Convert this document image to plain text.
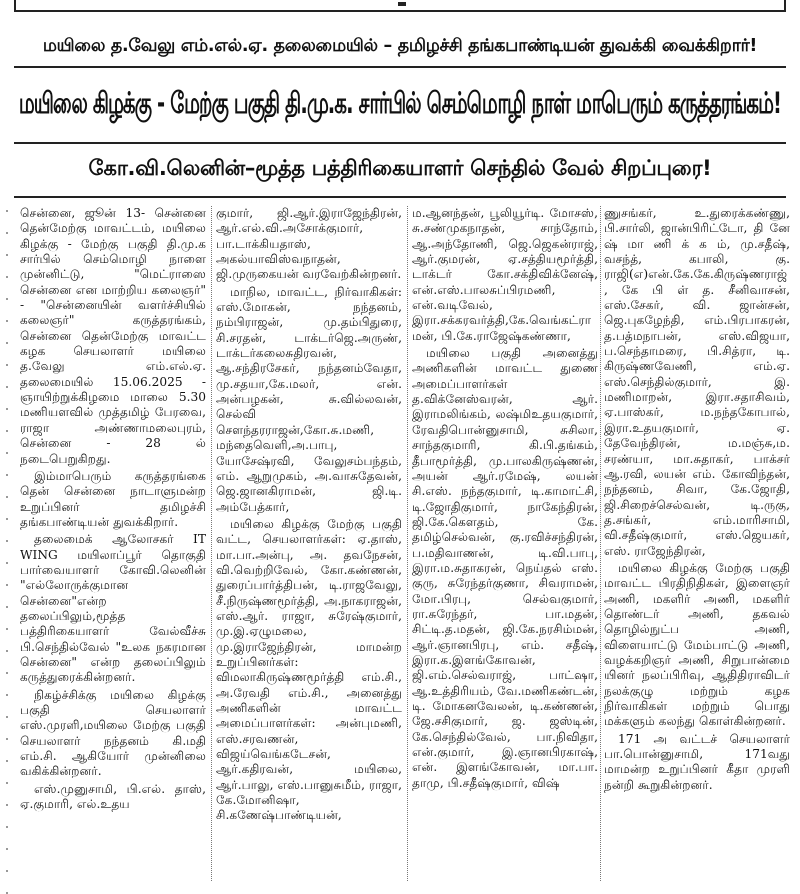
மயிலை த.வேலு எம்.எல்.ஏ. தலைமையில் – தமிழச்சி தங்கபாண்டியன் துவக்கி வைக்கிறார்!
மயிலை கிழக்கு - மேற்கு பகுதி தி.மு.க. சார்பில் செம்மொழி நாள் மாபெரும் கருத்தரங்கம்!
கோ.வி.லெனின்–மூத்த பத்திரிகையாளர் செந்தில் வேல் சிறப்புரை!

சென்னை, ஜூன் 13- சென்னை தென்மேற்கு மாவட்டம், மயிலை கிழக்கு - மேற்கு பகுதி தி.மு.க சார்பில் செம்மொழி நாளை முன்னிட்டு, "மெட்ராஸை சென்னை என மாற்றிய கலைஞர்" - "சென்னையின் வளர்ச்சியில் கலைஞர்" கருத்தரங்கம், சென்னை தென்மேற்கு மாவட்ட கழக செயலாளர் மயிலை த.வேலு எம்.எல்.ஏ. தலைமையில் 15.06.2025 - ஞாயிற்றுக்கிழமை மாலை 5.30 மணியளவில் முத்தமிழ் பேரவை, ராஜா அண்ணாமலைபுரம், சென்னை - 28 ல் நடைபெறுகிறது.

இம்மாபெரும் கருத்தரங்கை தென் சென்னை நாடாளுமன்ற உறுப்பினர் தமிழச்சி தங்கபாண்டியன் துவக்கிறார்.

தலைமைக் ஆலோசகர் IT WING மயிலாப்பூர் தொகுதி பார்வையாளர் கோவி.லெனின் "எல்லோருக்குமான சென்னை"என்ற தலைப்பிலும்,மூத்த பத்திரிகையாளர் வேல்வீச்சு பி.செந்தில்வேல் "உலக நகரமான சென்னை" என்ற தலைப்பிலும் கருத்துரைக்கின்றனர்.

நிகழ்ச்சிக்கு மயிலை கிழக்கு பகுதி செயலாளர் எஸ்.முரளி,மயிலை மேற்கு பகுதி செயலாளர் நந்தனம் கி.மதி எம்.சி. ஆகியோர் முன்னிலை வகிக்கின்றனர்.

எஸ்.முனுசாமி, பி.எல். தாஸ், ஏ.குமாரி, எல்.உதய

குமார், ஜி.ஆர்.இராஜேந்திரன், ஆர்.எல்.வி.அசோக்குமார், பா.டாக்கியதாஸ், அகல்யாவிஸ்வநாதன், ஜி.முருகையன் வரவேற்கின்றனர்.

மாநில, மாவட்ட, நிர்வாகிகள்: எஸ்.மோகன், நந்தனம், நம்பிராஜன், மு.தம்பிதுரை, சி.சரதன், டாக்டர்ஜெ.அருண், டாக்டர்கலைசுதிரவன், ஆ.சந்திரசேகர், நந்தனம்வேதா, மு.சதயா,கே.மலர், என். அன்பழகன், சு.வில்லவன், செல்வி செளந்தரராஜன்,கோ.சு.மணி, மந்தைவெளி,அ.பாபு, யோசேஷ்ரவி, வேலுசம்பந்தம், எம். ஆறுமுகம், அ.வாசுதேவன், ஜெ.ஜானகிராமன், ஜி.டி. அம்பேத்கார்,

மயிலை கிழக்கு மேற்கு பகுதி வட்ட, செயலாளர்கள்: ஏ.தாஸ், மா.பா.அன்பு, அ. தவநேசன், வி.வெற்றிவேல், கோ.கண்ணன், துரைப்பார்த்திபன், டி.ராஜவேலு, சீ.நிருஷ்ணமூர்த்தி, அ.நாகராஜன், எஸ்.ஆர். ராஜா, சுரேஷ்குமார், மு.இ.ஏழுமலை, மு.இராஜேந்திரன், மாமன்ற உறுப்பினர்கள்: விமலாகிருஷ்ணமூர்த்தி எம்.சி., அ.ரேவதி எம்.சி., அனைத்து அணிகளின் மாவட்ட அமைப்பாளர்கள்: அன்புமணி, எஸ்.சரவணன், விஜய்வெங்கடேசன், ஆர்.கதிரவன், மயிலை, ஆர்.பாலு, எஸ்.பானுசுமீம், ராஜா, கே.மோனிஷா, சி.கணேஷ்பாண்டியன்,

ம.ஆனந்தன், பூலியூர்டி. மோசஸ், சு.சண்முகநாதன், சாந்தோம், ஆ.அந்தோணி, ஜெ.ஜெகன்ராஜ், ஆர்.குமரன், ஏ.சத்தியமூர்த்தி, டாக்டர் கோ.சக்திவிக்னேஷ், என்.எஸ்.பாலசுப்பிரமணி, என்.வடிவேல், இரா.சக்கரவர்த்தி,கே.வெங்கட்ராமன், பி.கே.ராஜேஷ்கண்ணா,

மயிலை பகுதி அனைத்து அணிகளின் மாவட்ட துணை அமைப்பாளர்கள் த.விக்னேஸ்வரன், ஆர். இராமலிங்கம், லஷ்மிஉதயகுமார், ரேவதிபொன்னுசாமி, சுசிலா, சாந்தகுமாரி, கி.பி.தங்கம், தீபாமூர்த்தி, மு.பாலகிருஷ்ணன், அயன் ஆர்.ரமேஷ், லயன் சி.எஸ். நந்தகுமார், டி.காமாட்சி, டி.ஜோதிகுமார், நாகேந்திரன், ஜி.கே.கெளதம், கே. தமிழ்செல்வன், கு.ரவிச்சந்திரன், ப.மதிவாணன், டி.வி.பாபு, இரா.ம.சுதாகரன், நெய்தல் எஸ். குரு, சுரேந்தர்குணா, சிவராமன், மோ.பிரபு, செல்வகுமார், ரா.சுரேந்தர், பா.மதன், சிட்டி.த.மதன், ஜி.கே.நரசிம்மன், ஆர்.ஞானபிரபு, எம். சதீஷ், இரா.க.இளங்கோவன், ஜி.எம்.செல்வராஜ், பாட்ஷா, ஆ.உத்திரியம், வே.மணிகண்டன், டி. மோகனவேலன், டி.கண்ணன், ஜே.சசிகுமார், ஜ. ஜஸ்டின், கே.செந்தில்வேல், பா.நிவிதா, என்.குமார், இ.ஞானபிரகாஷ், என். இளங்கோவன், மா.பா. தாமு, பி.சதீஷ்குமார், விஷ்

ணுசங்கர், உ.துரைக்கண்ணு, பி.சார்லி, ஜான்பிரிட்டோ, தி னே ஷ் மா ணி க் க ம், மு.சதீஷ், வசந்த், கபாலி, கு. ராஜி(எ)என்.கே.கே.கிருஷ்ணராஜ், கே பி ள் த. சீனிவாசன், எஸ்.சேகர், வி. ஜான்சன், ஜெ.புகழேந்தி, எம்.பிரபாகரன், த.பத்மநாபன், எஸ்.விஜயா, ப.செந்தாமரை, பி.சித்ரா, டி. கிருஷ்ணவேணி, எம்.ஏ. எஸ்.செந்தில்குமார், இ. மணிமாறன், இரா.சதாசிவம், ஏ.பாஸ்கர், ம.நந்தகோபால், இரா.உதயகுமார், ஏ. தேவேந்திரன், ம.மஞ்சு,ம. சரண்யா, மா.சுதாகர், பாக்சர் ஆ.ரவி, லயன் எம். கோவிந்தன், நந்தனம், சிவா, கே.ஜோதி, ஜி.சிறைச்செல்வன், டி.ருகு, த.சங்கர், எம்.மாரிசாமி, வி.சதீஷ்குமார், எஸ்.ஜெயகர், எஸ். ராஜேந்திரன்,

மயிலை கிழக்கு மேற்கு பகுதி மாவட்ட பிரதிநிதிகள், இளைஞர் அணி, மகளிர் அணி, மகளிர் தொண்டர் அணி, தகவல் தொழில்நுட்ப அணி, விளையாட்டு மேம்பாட்டு அணி, வழக்கறிஞர் அணி, சிறுபான்மை யினர் நலப்பிரிவு, ஆதிதிராவிடர் நலக்குழு மற்றும் கழக நிர்வாகிகள் மற்றும் பொது மக்களும் கலந்து கொள்கின்றனர்.

171 அ வட்டச் செயலாளர் பா.பொன்னுசாமி, 171வது மாமன்ற உறுப்பினர் கீதா முரளி நன்றி கூறுகின்றனர்.
